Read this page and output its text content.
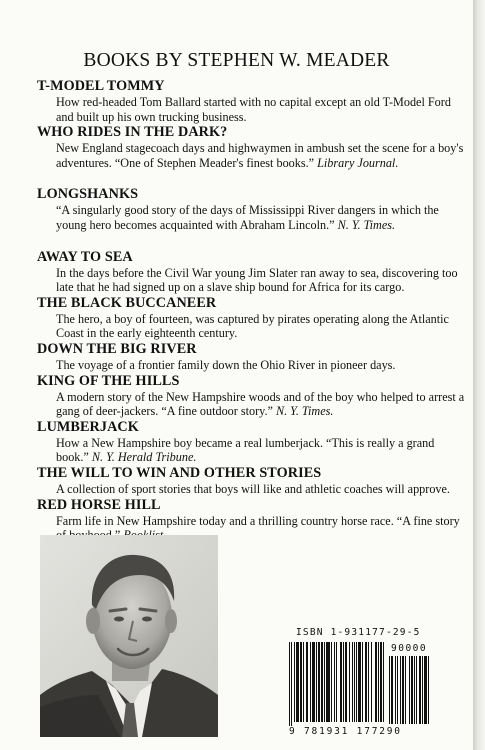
BOOKS BY STEPHEN W. MEADER
T-MODEL TOMMY
How red-headed Tom Ballard started with no capital except an old T-Model Ford and built up his own trucking business.
WHO RIDES IN THE DARK?
New England stagecoach days and highwaymen in ambush set the scene for a boy's adventures. “One of Stephen Meader's finest books.” Library Journal.
LONGSHANKS
“A singularly good story of the days of Mississippi River dangers in which the young hero becomes acquainted with Abraham Lincoln.” N. Y. Times.
AWAY TO SEA
In the days before the Civil War young Jim Slater ran away to sea, discovering too late that he had signed up on a slave ship bound for Africa for its cargo.
THE BLACK BUCCANEER
The hero, a boy of fourteen, was captured by pirates operating along the Atlantic Coast in the early eighteenth century.
DOWN THE BIG RIVER
The voyage of a frontier family down the Ohio River in pioneer days.
KING OF THE HILLS
A modern story of the New Hampshire woods and of the boy who helped to arrest a gang of deer-jackers. “A fine outdoor story.” N. Y. Times.
LUMBERJACK
How a New Hampshire boy became a real lumberjack. “This is really a grand book.” N. Y. Herald Tribune.
THE WILL TO WIN AND OTHER STORIES
A collection of sport stories that boys will like and athletic coaches will approve.
RED HORSE HILL
Farm life in New Hampshire today and a thrilling country horse race. “A fine story
ISBN 1-931177-29-5
90000
9 781931 177290
